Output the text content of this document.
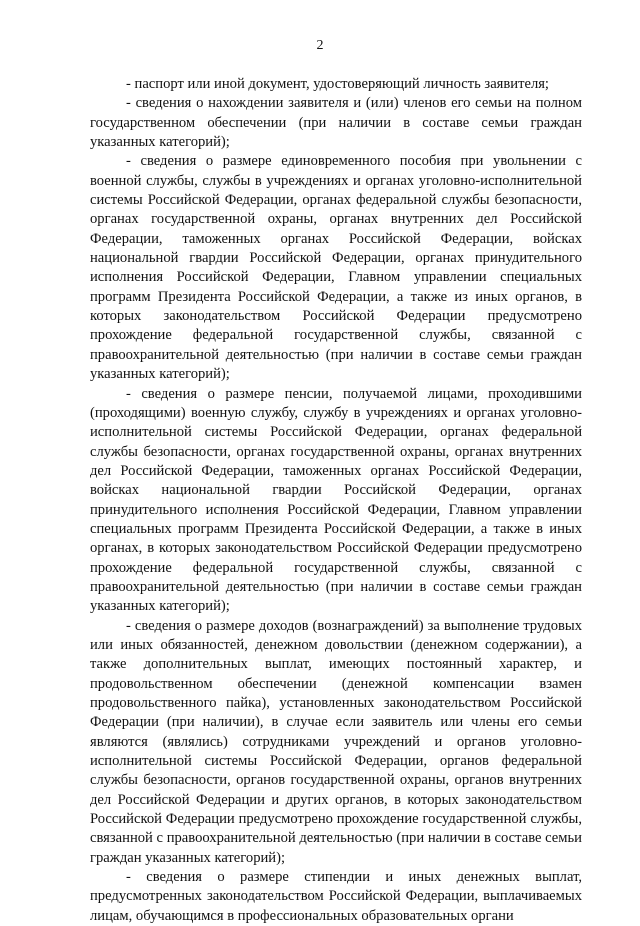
2

- паспорт или иной документ, удостоверяющий личность заявителя;

- сведения о нахождении заявителя и (или) членов его семьи на полном государственном обеспечении (при наличии в составе семьи граждан указанных категорий);

- сведения о размере единовременного пособия при увольнении с военной службы, службы в учреждениях и органах уголовно-исполнительной системы Российской Федерации, органах федеральной службы безопасности, органах государственной охраны, органах внутренних дел Российской Федерации, таможенных органах Российской Федерации, войсках национальной гвардии Российской Федерации, органах принудительного исполнения Российской Федерации, Главном управлении специальных программ Президента Российской Федерации, а также из иных органов, в которых законодательством Российской Федерации предусмотрено прохождение федеральной государственной службы, связанной с правоохранительной деятельностью (при наличии в составе семьи граждан указанных категорий);

- сведения о размере пенсии, получаемой лицами, проходившими (проходящими) военную службу, службу в учреждениях и органах уголовно-исполнительной системы Российской Федерации, органах федеральной службы безопасности, органах государственной охраны, органах внутренних дел Российской Федерации, таможенных органах Российской Федерации, войсках национальной гвардии Российской Федерации, органах принудительного исполнения Российской Федерации, Главном управлении специальных программ Президента Российской Федерации, а также в иных органах, в которых законодательством Российской Федерации предусмотрено прохождение федеральной государственной службы, связанной с правоохранительной деятельностью (при наличии в составе семьи граждан указанных категорий);

- сведения о размере доходов (вознаграждений) за выполнение трудовых или иных обязанностей, денежном довольствии (денежном содержании), а также дополнительных выплат, имеющих постоянный характер, и продовольственном обеспечении (денежной компенсации взамен продовольственного пайка), установленных законодательством Российской Федерации (при наличии), в случае если заявитель или члены его семьи являются (являлись) сотрудниками учреждений и органов уголовно-исполнительной системы Российской Федерации, органов федеральной службы безопасности, органов государственной охраны, органов внутренних дел Российской Федерации и других органов, в которых законодательством Российской Федерации предусмотрено прохождение государственной службы, связанной с правоохранительной деятельностью (при наличии в составе семьи граждан указанных категорий);

- сведения о размере стипендии и иных денежных выплат, предусмотренных законодательством Российской Федерации, выплачиваемых лицам, обучающимся в профессиональных образовательных органи
